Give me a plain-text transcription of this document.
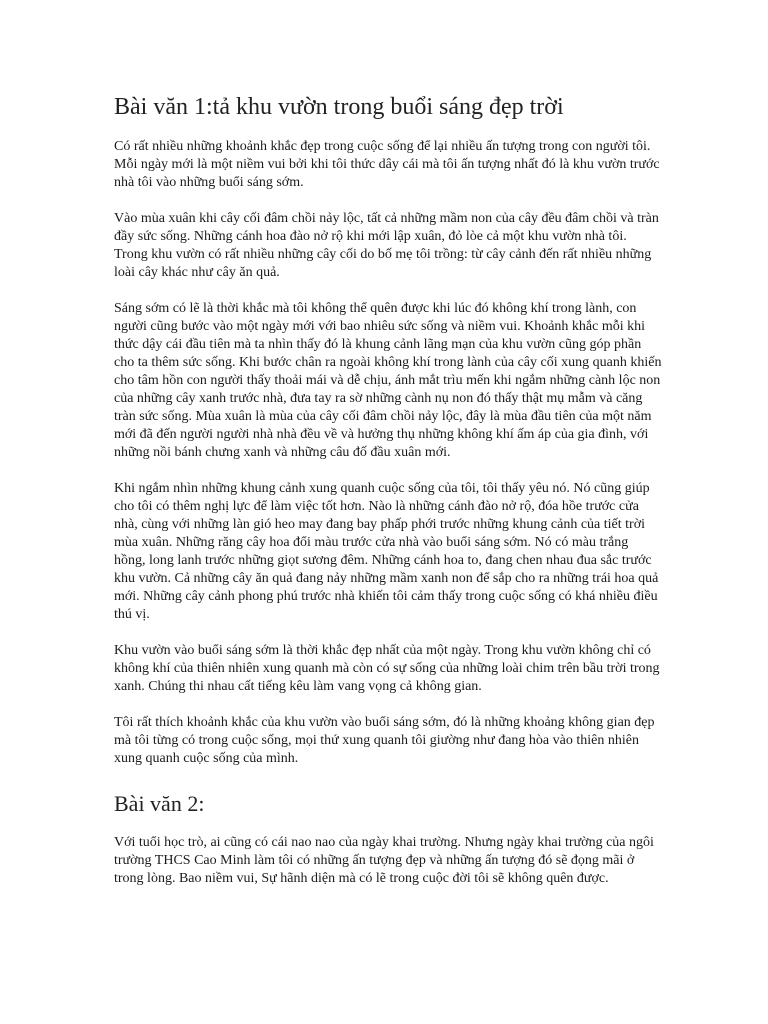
Bài văn 1:tả khu vườn trong buổi sáng đẹp trời

Có rất nhiều những khoảnh khắc đẹp trong cuộc sống để lại nhiều ấn tượng trong con người tôi. Mỗi ngày mới là một niềm vui bởi khi tôi thức dây cái mà tôi ấn tượng nhất đó là khu vườn trước nhà tôi vào những buổi sáng sớm.

Vào mùa xuân khi cây cối đâm chồi nảy lộc, tất cả những mầm non của cây đều đâm chồi và tràn đầy sức sống. Những cánh hoa đào nở rộ khi mới lập xuân, đỏ lòe cả một khu vườn nhà tôi. Trong khu vườn có rất nhiều những cây cối do bố mẹ tôi trồng: từ cây cảnh đến rất nhiều những loài cây khác như cây ăn quả.

Sáng sớm có lẽ là thời khắc mà tôi không thể quên được khi lúc đó không khí trong lành, con người cũng bước vào một ngày mới với bao nhiêu sức sống và niềm vui. Khoảnh khắc mỗi khi thức dậy cái đầu tiên mà ta nhìn thấy đó là khung cảnh lãng mạn của khu vườn cũng góp phần cho ta thêm sức sống. Khi bước chân ra ngoài không khí trong lành của cây cối xung quanh khiến cho tâm hồn con người thấy thoải mái và dễ chịu, ánh mắt trìu mến khi ngắm những cành lộc non của những cây xanh trước nhà, đưa tay ra sờ những cành nụ non đó thấy thật mụ mẫm và căng tràn sức sống. Mùa xuân là mùa của cây cối đâm chồi nảy lộc, đây là mùa đầu tiên của một năm mới đã đến người người nhà nhà đều về và hưởng thụ những không khí ấm áp của gia đình, với những nồi bánh chưng xanh và những câu đố đầu xuân mới.

Khi ngắm nhìn những khung cảnh xung quanh cuộc sống của tôi, tôi thấy yêu nó. Nó cũng giúp cho tôi có thêm nghị lực để làm việc tốt hơn. Nào là những cánh đào nở rộ, đóa hồe trước cửa nhà, cùng với những làn gió heo may đang bay phấp phới trước những khung cảnh của tiết trời mùa xuân. Những răng cây hoa đổi màu trước cửa nhà vào buổi sáng sớm. Nó có màu trắng hồng, long lanh trước những giọt sương đêm. Những cánh hoa to, đang chen nhau đua sắc trước khu vườn. Cả những cây ăn quả đang nảy những mầm xanh non để sắp cho ra những trái hoa quả mới. Những cây cảnh phong phú trước nhà khiến tôi cảm thấy trong cuộc sống có khá nhiều điều thú vị.

Khu vườn vào buổi sáng sớm là thời khắc đẹp nhất của một ngày. Trong khu vườn không chỉ có không khí của thiên nhiên xung quanh mà còn có sự sống của những loài chim trên bầu trời trong xanh. Chúng thi nhau cất tiếng kêu làm vang vọng cả không gian.

Tôi rất thích khoảnh khắc của khu vườn vào buổi sáng sớm, đó là những khoảng không gian đẹp mà tôi từng có trong cuộc sống, mọi thứ xung quanh tôi giường như đang hòa vào thiên nhiên xung quanh cuộc sống của mình.

Bài văn 2:

Với tuổi học trò, ai cũng có cái nao nao của ngày khai trường. Nhưng ngày khai trường của ngôi trường THCS Cao Minh làm tôi có những ấn tượng đẹp và những ấn tượng đó sẽ đọng mãi ở trong lòng. Bao niềm vui, Sự hãnh diện mà có lẽ trong cuộc đời tôi sẽ không quên được.
